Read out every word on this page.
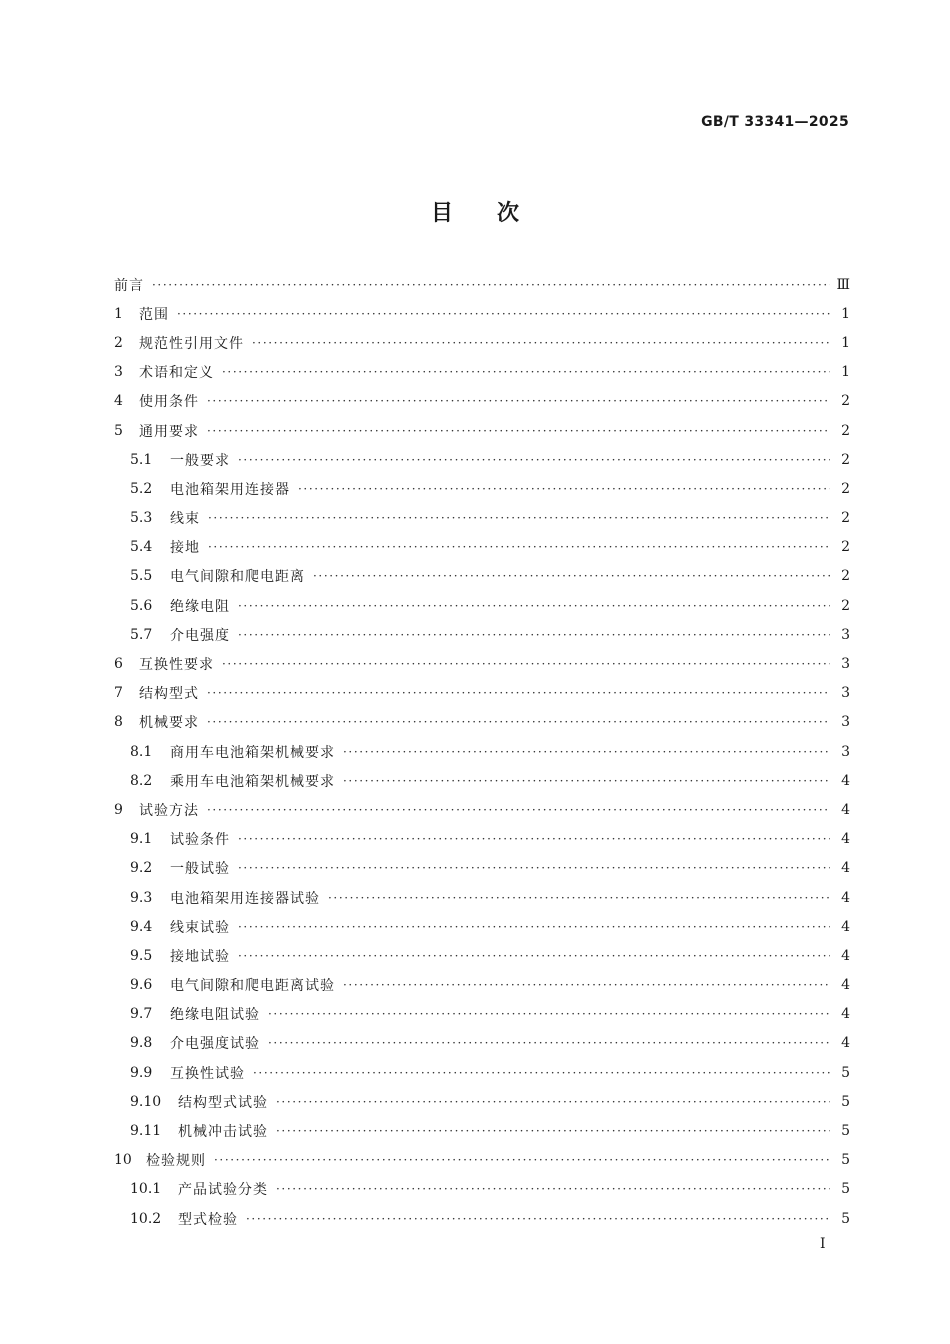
GB/T 33341—2025
目次
前言 ·····	Ⅲ
1	范围 ·····	1
2	规范性引用文件 ·····	1
3	术语和定义 ·····	1
4	使用条件 ·····	2
5	通用要求 ·····	2
5.1	一般要求 ·····	2
5.2	电池箱架用连接器 ·····	2
5.3	线束 ·····	2
5.4	接地 ·····	2
5.5	电气间隙和爬电距离 ·····	2
5.6	绝缘电阻 ·····	2
5.7	介电强度 ·····	3
6	互换性要求 ·····	3
7	结构型式 ·····	3
8	机械要求 ·····	3
8.1	商用车电池箱架机械要求 ·····	3
8.2	乘用车电池箱架机械要求 ·····	4
9	试验方法 ·····	4
9.1	试验条件 ·····	4
9.2	一般试验 ·····	4
9.3	电池箱架用连接器试验 ·····	4
9.4	线束试验 ·····	4
9.5	接地试验 ·····	4
9.6	电气间隙和爬电距离试验 ·····	4
9.7	绝缘电阻试验 ·····	4
9.8	介电强度试验 ·····	4
9.9	互换性试验 ·····	5
9.10	结构型式试验 ·····	5
9.11	机械冲击试验 ·····	5
10	检验规则 ·····	5
10.1	产品试验分类 ·····	5
10.2	型式检验 ·····	5
I
